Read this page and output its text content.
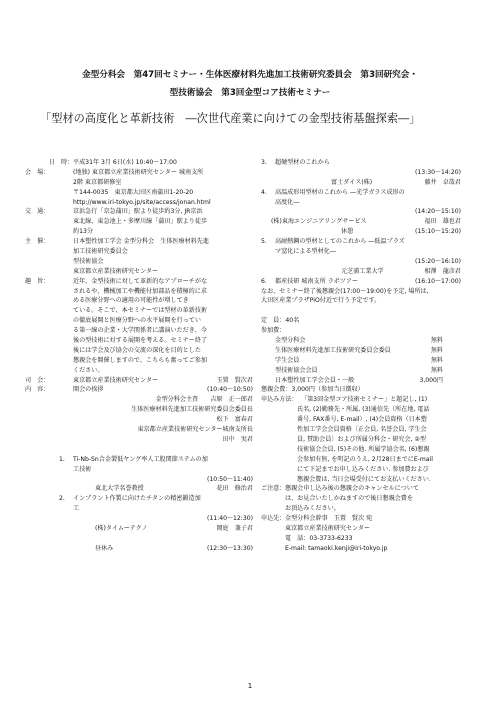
金型分科会　第47回セミナー・生体医療材料先進加工技術研究委員会　第3回研究会・
型技術協会　第3回金型コア技術セミナー
「型材の高度化と革新技術　―次世代産業に向けての金型技術基盤探索―」
日　時： 平成31年 3月 6日(水) 10:40～17:00
会　場：	(地独) 東京都立産業技術研究センター 城南支所
2階 東京都研修室
〒144-0035　東京都大田区南蒲田1-20-20
http://www.iri-tokyo.jp/site/access/jonan.html
交　通：	京浜急行「京急蒲田」駅より徒歩約3分, JR京浜
東北線、東急池上・多摩川線「蒲田」駅より徒歩
約13分
主　催：	日本塑性加工学会 金型分科会　生体医療材料先進
加工技術研究委員会
型技術協会
東京都立産業技術研究センター
趣　旨：	近年、金型技術に対して革新的なアプローチがな
されるや、機械加工や機能付加部品を積極的に求
める医療分野への適用の可能性が増してき
ている。そこで、本セミナーでは型材の革新技術
の徹底展開と医療分野への水平展開を行ってい
る第一線の企業・大学関係者に講演いただき、今
後の型技術に対する展開を考える。セミナー終了
後には学会及び協会の交流の深化を目的とした
懇親会を開催しますので、こちらも奮ってご参加
ください。
司　会：	東京都立産業技術研究センター	玉置　賢次君
内　容：	開会の挨拶	(10:40～10:50)
金型分科会主査　　吉原　正一郎君
生体医療材料先進加工技術研究委員会委員長
松下　富春君
東京都立産業技術研究センター城南支所長
田中　実君
1. Ti-Nb-Sn合金製低ヤング率人工股関節ステムの加
工技術
(10:50～11:40)
東北大学名誉教授	花田　修治君
2. インプラント作製に向けたチタンの精密鍛造加
工
(11:40～12:30)
(株)タイムーテクノ	岡庭　兼子君
昼休み	(12:30～13:30)
3. 超硬型材のこれから
(13:30～14:20)
富士ダイス(株)	藤井　卓哉君
4. 高温成形用型材のこれから ―光学ガラス成形の
高度化―
(14:20～15:10)
(株)東海エンジニアリングサービス	福田　雄也君
休憩	(15:10～15:20)
5. 高耐熱鋼の型材としてのこれから ―低温プラズ
マ窒化による型材化―
(15:20～16:10)
元芝浦工業大学	相澤　龍彦君
6. 都産技研 城南支所 ラボツアー	(16:10～17:00)
なお、セミナー終了後懇親会(17:00～19:00)を予定, 場所は,
大田区産業プラザPiO付近で行う予定です。
定　員：40名
参加費：
金型分科会	無料
生体医療材料先進加工技術研究委員会委員	無料
学生会員	無料
型技術協会会員	無料
日本塑性加工学会会員・一般	3,000円
懇親会費：3,000円（参加当日徴収）
申込み方法： 「第3回金型コア技術セミナー」と題記し, (1)
氏名, (2)勤務先・所属, (3)通信先（所在地, 電話
番号, FAX番号, E-mail）, (4)会員資格（日本塑
性加工学会会員資格〔正会員, 名誉会員, 学生会
員, 賛助会員〕および所属分科会・研究会, ②型
技術協会会員, (5)その他. 所属学協会名, (6)懇親
会参加有無, を明記のうえ, 2月28日までにE-mail
にて下記までお申し込みください. 参加費および
懇親会費は, 当日会場受付にてお支払いください.
ご注意： 懇親会申し込み後の懇親会のキャンセルについて
は、お見合いたしかねますので後日懇親会費を
お頂込みください。
申込先： 金型分科会幹事　玉置　賢次 宛
東京都立産業技術研究センター
電　話：03-3733-6233
E-mail: tamaoki.kenji@iri-tokyo.jp
1
